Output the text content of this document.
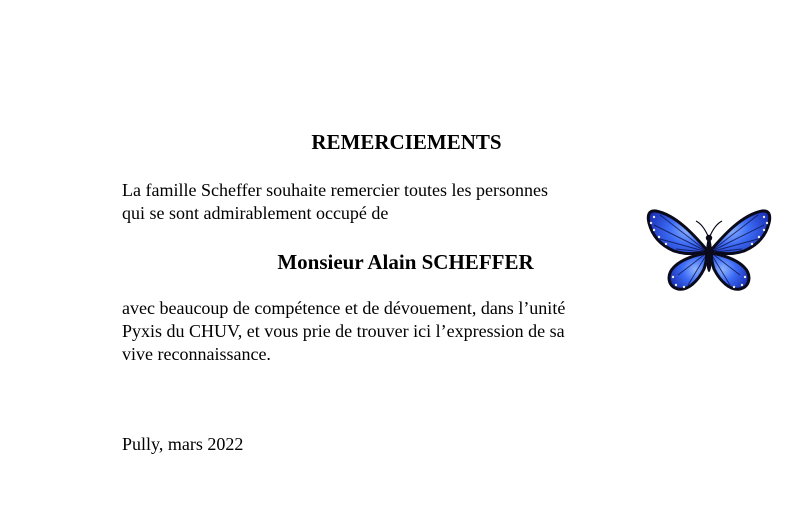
REMERCIEMENTS

La famille Scheffer souhaite remercier toutes les personnes
qui se sont admirablement occupé de

Monsieur Alain SCHEFFER

avec beaucoup de compétence et de dévouement, dans l’unité
Pyxis du CHUV, et vous prie de trouver ici l’expression de sa
vive reconnaissance.

Pully, mars 2022
